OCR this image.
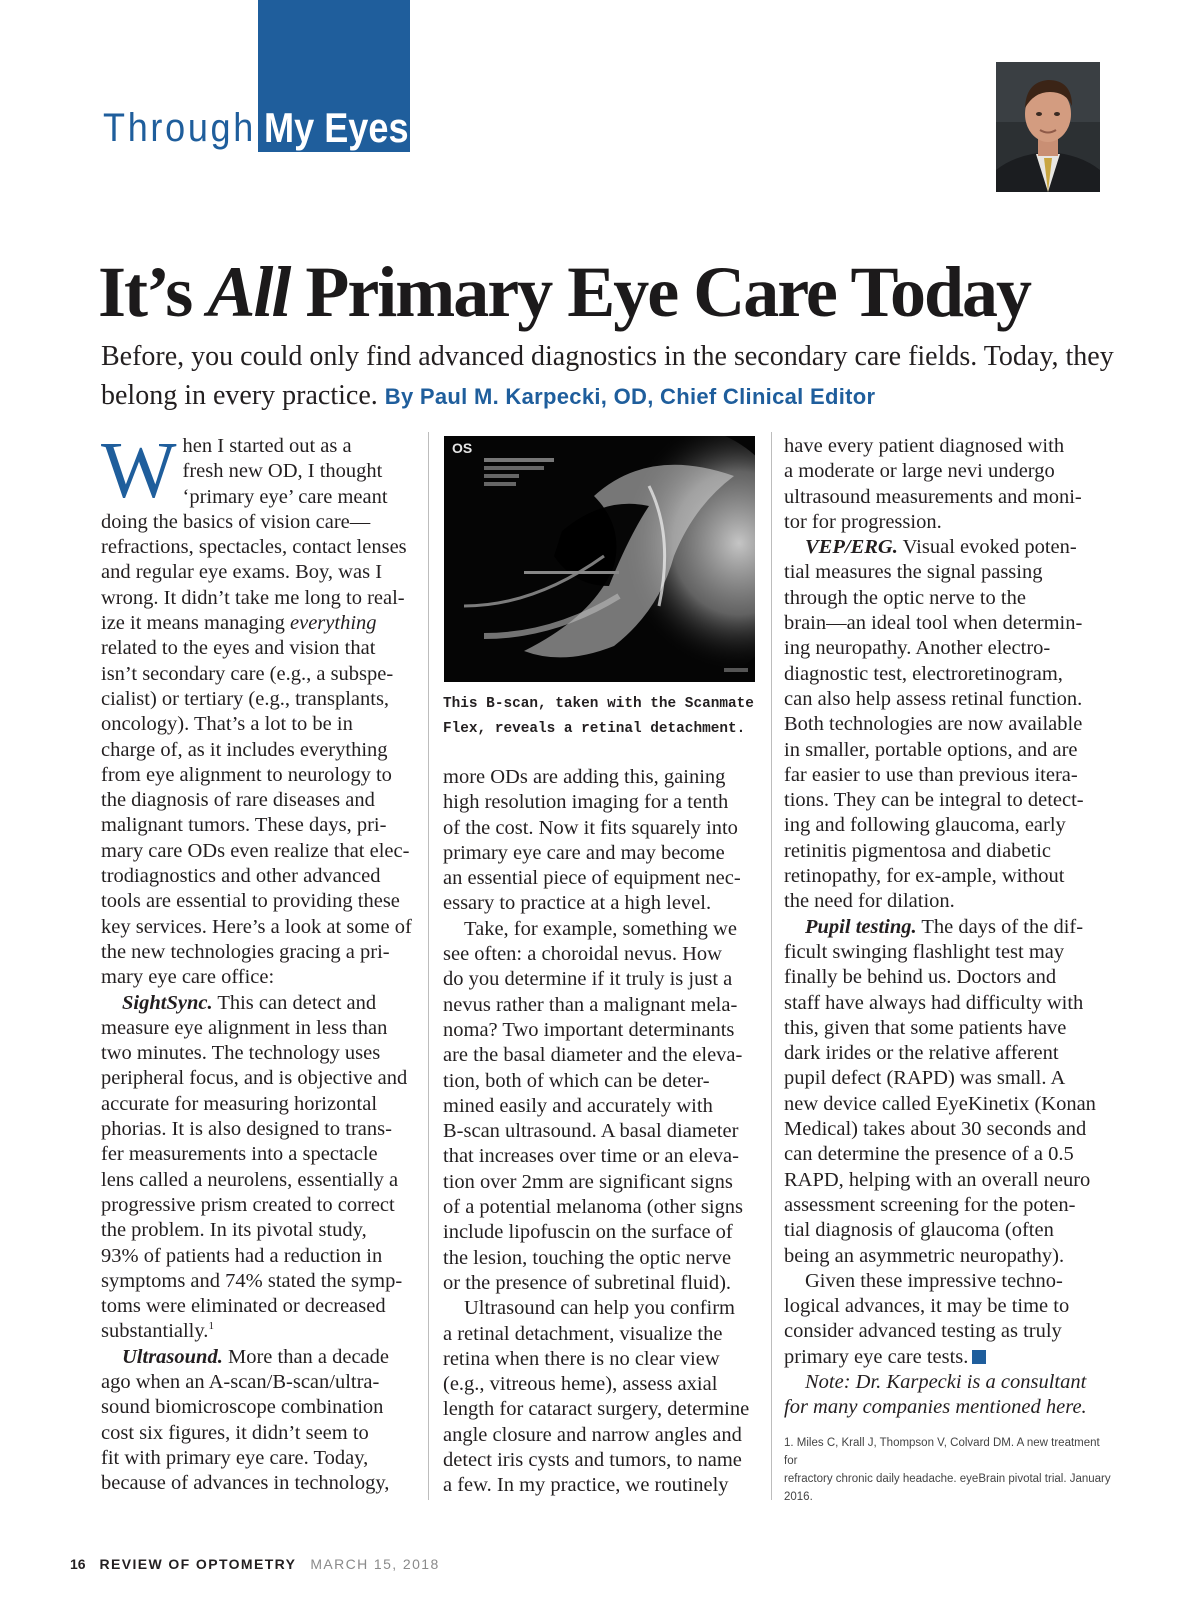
Through My Eyes
It’s All Primary Eye Care Today
Before, you could only find advanced diagnostics in the secondary care fields. Today, they belong in every practice. By Paul M. Karpecki, OD, Chief Clinical Editor
W hen I started out as a
fresh new OD, I thought
‘primary eye’ care meant
doing the basics of vision care—
refractions, spectacles, contact lenses
and regular eye exams. Boy, was I
wrong. It didn’t take me long to real-
ize it means managing everything
related to the eyes and vision that
isn’t secondary care (e.g., a subspe-
cialist) or tertiary (e.g., transplants,
oncology). That’s a lot to be in
charge of, as it includes everything
from eye alignment to neurology to
the diagnosis of rare diseases and
malignant tumors. These days, pri-
mary care ODs even realize that elec-
trodiagnostics and other advanced
tools are essential to providing these
key services. Here’s a look at some of
the new technologies gracing a pri-
mary eye care office:
SightSync. This can detect and
measure eye alignment in less than
two minutes. The technology uses
peripheral focus, and is objective and
accurate for measuring horizontal
phorias. It is also designed to trans-
fer measurements into a spectacle
lens called a neurolens, essentially a
progressive prism created to correct
the problem. In its pivotal study,
93% of patients had a reduction in
symptoms and 74% stated the symp-
toms were eliminated or decreased
substantially.$^1$
Ultrasound. More than a decade
ago when an A-scan/B-scan/ultra-
sound biomicroscope combination
cost six figures, it didn’t seem to
fit with primary eye care. Today,
because of advances in technology,
OS
This B-scan, taken with the Scanmate Flex, reveals a retinal detachment.
more ODs are adding this, gaining
high resolution imaging for a tenth
of the cost. Now it fits squarely into
primary eye care and may become
an essential piece of equipment nec-
essary to practice at a high level.
Take, for example, something we
see often: a choroidal nevus. How
do you determine if it truly is just a
nevus rather than a malignant mela-
noma? Two important determinants
are the basal diameter and the eleva-
tion, both of which can be deter-
mined easily and accurately with
B-scan ultrasound. A basal diameter
that increases over time or an eleva-
tion over 2mm are significant signs
of a potential melanoma (other signs
include lipofuscin on the surface of
the lesion, touching the optic nerve
or the presence of subretinal fluid).
Ultrasound can help you confirm
a retinal detachment, visualize the
retina when there is no clear view
(e.g., vitreous heme), assess axial
length for cataract surgery, determine
angle closure and narrow angles and
detect iris cysts and tumors, to name
a few. In my practice, we routinely
have every patient diagnosed with
a moderate or large nevi undergo
ultrasound measurements and moni-
tor for progression.
VEP/ERG. Visual evoked poten-
tial measures the signal passing
through the optic nerve to the
brain—an ideal tool when determin-
ing neuropathy. Another electro-
diagnostic test, electroretinogram,
can also help assess retinal function.
Both technologies are now available
in smaller, portable options, and are
far easier to use than previous itera-
tions. They can be integral to detect-
ing and following glaucoma, early
retinitis pigmentosa and diabetic
retinopathy, for ex-ample, without
the need for dilation.
Pupil testing. The days of the dif-
ficult swinging flashlight test may
finally be behind us. Doctors and
staff have always had difficulty with
this, given that some patients have
dark irides or the relative afferent
pupil defect (RAPD) was small. A
new device called EyeKinetix (Konan
Medical) takes about 30 seconds and
can determine the presence of a 0.5
RAPD, helping with an overall neuro
assessment screening for the poten-
tial diagnosis of glaucoma (often
being an asymmetric neuropathy).
Given these impressive techno-
logical advances, it may be time to
consider advanced testing as truly
primary eye care tests.
Note: Dr. Karpecki is a consultant
for many companies mentioned here.
1. Miles C, Krall J, Thompson V, Colvard DM. A new treatment for
refractory chronic daily headache. eyeBrain pivotal trial. January
2016.
16 REVIEW OF OPTOMETRY MARCH 15, 2018
